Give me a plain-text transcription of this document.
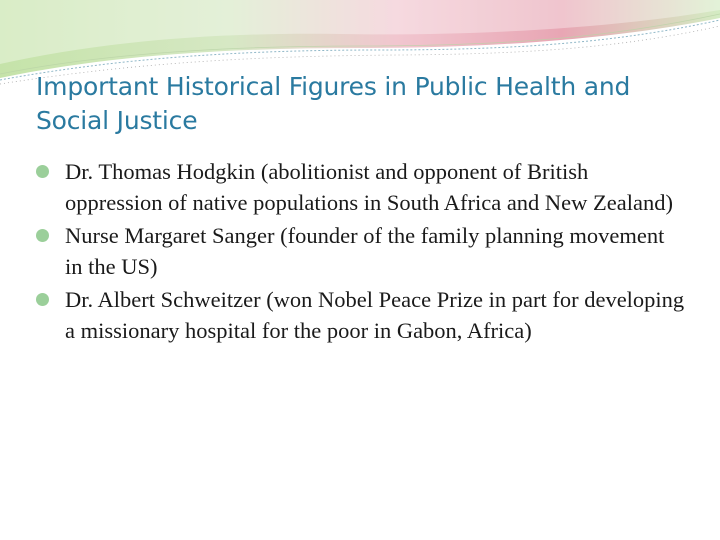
Important Historical Figures in Public Health and Social Justice
Dr. Thomas Hodgkin (abolitionist and opponent of British oppression of native populations in South Africa and New Zealand)
Nurse Margaret Sanger (founder of the family planning movement in the US)
Dr. Albert Schweitzer (won Nobel Peace Prize in part for developing a missionary hospital for the poor in Gabon, Africa)
